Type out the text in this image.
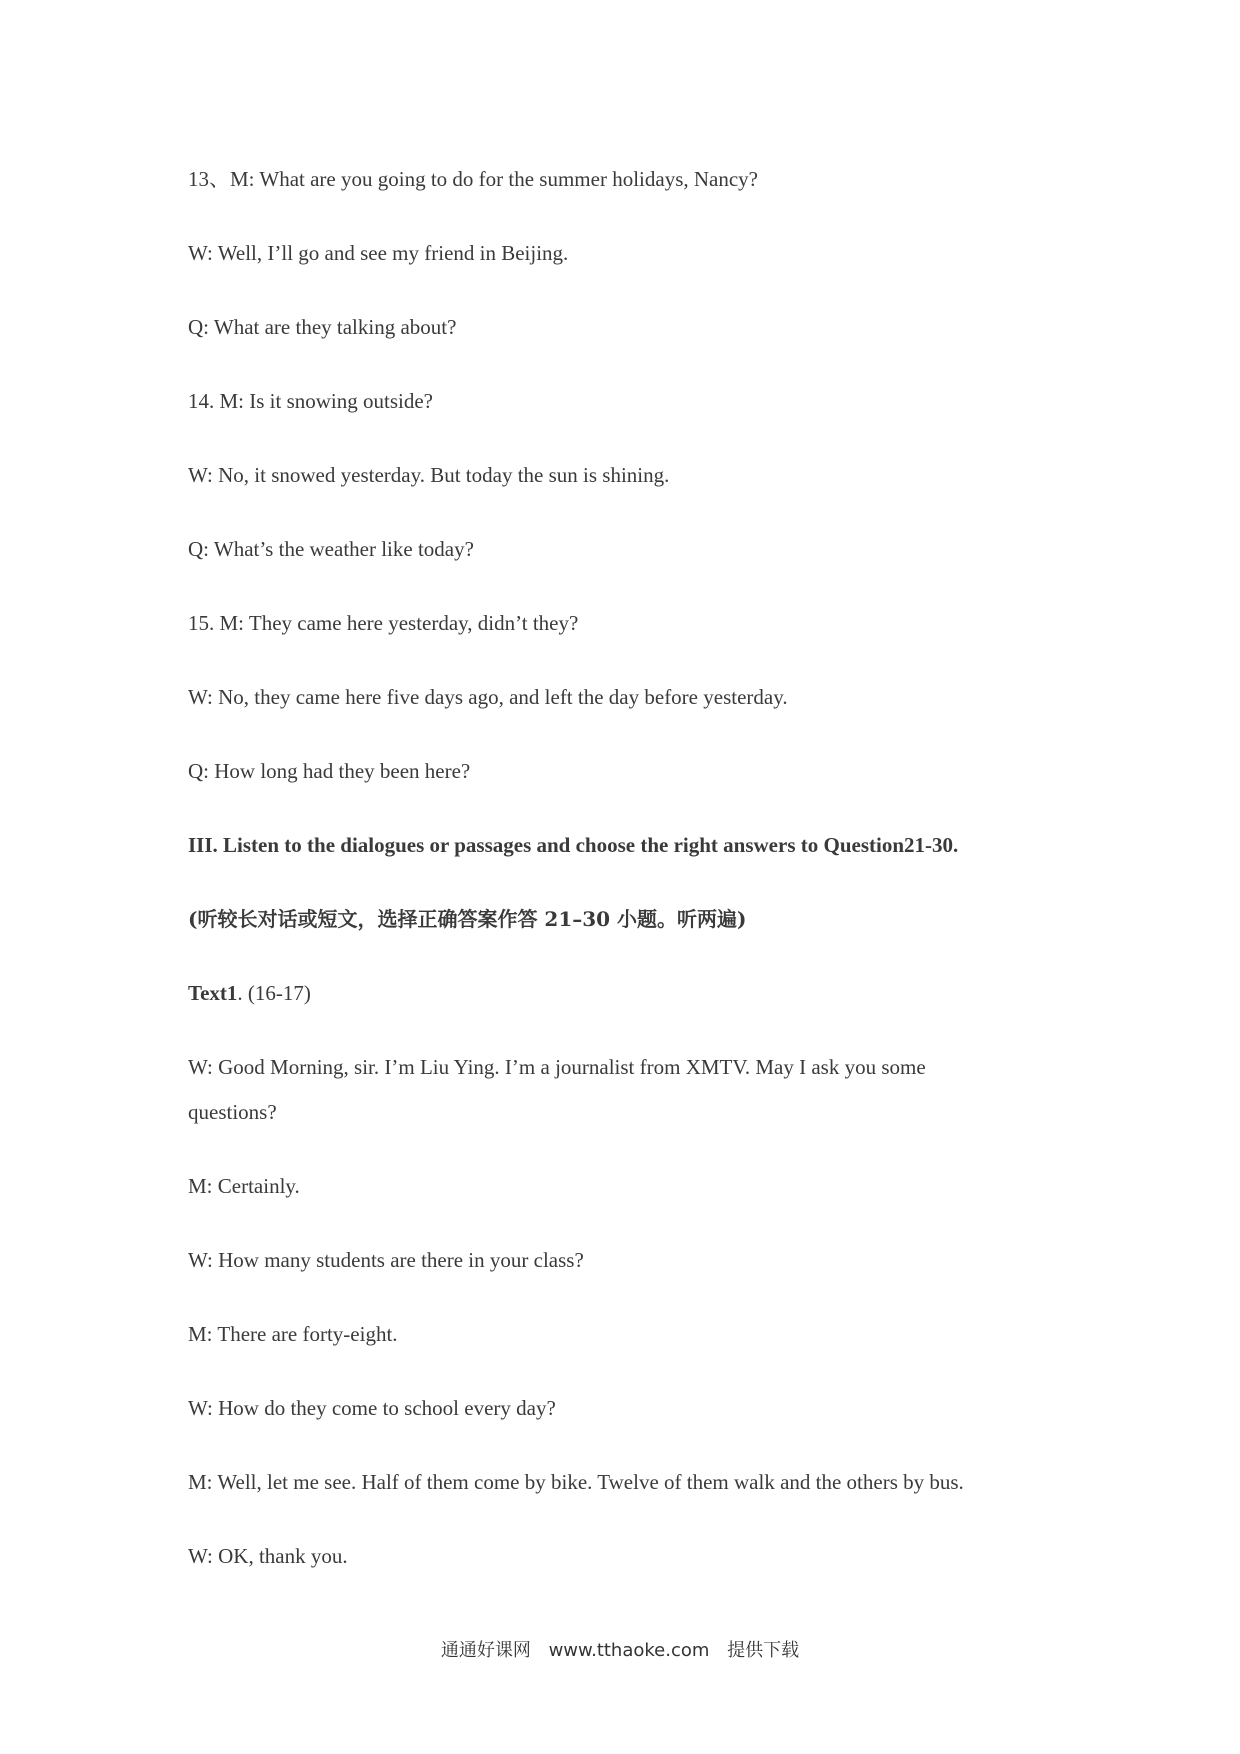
13、M: What are you going to do for the summer holidays, Nancy?
W: Well, I’ll go and see my friend in Beijing.
Q: What are they talking about?
14. M: Is it snowing outside?
W: No, it snowed yesterday. But today the sun is shining.
Q: What’s the weather like today?
15. M: They came here yesterday, didn’t they?
W: No, they came here five days ago, and left the day before yesterday.
Q: How long had they been here?
III. Listen to the dialogues or passages and choose the right answers to Question21-30.
(听较长对话或短文，选择正确答案作答 21–30 小题。听两遍)
Text1. (16-17)
W: Good Morning, sir. I’m Liu Ying. I’m a journalist from XMTV. May I ask you some
questions?
M: Certainly.
W: How many students are there in your class?
M: There are forty-eight.
W: How do they come to school every day?
M: Well, let me see. Half of them come by bike. Twelve of them walk and the others by bus.
W: OK, thank you.
通通好课网 www.tthaoke.com 提供下载
